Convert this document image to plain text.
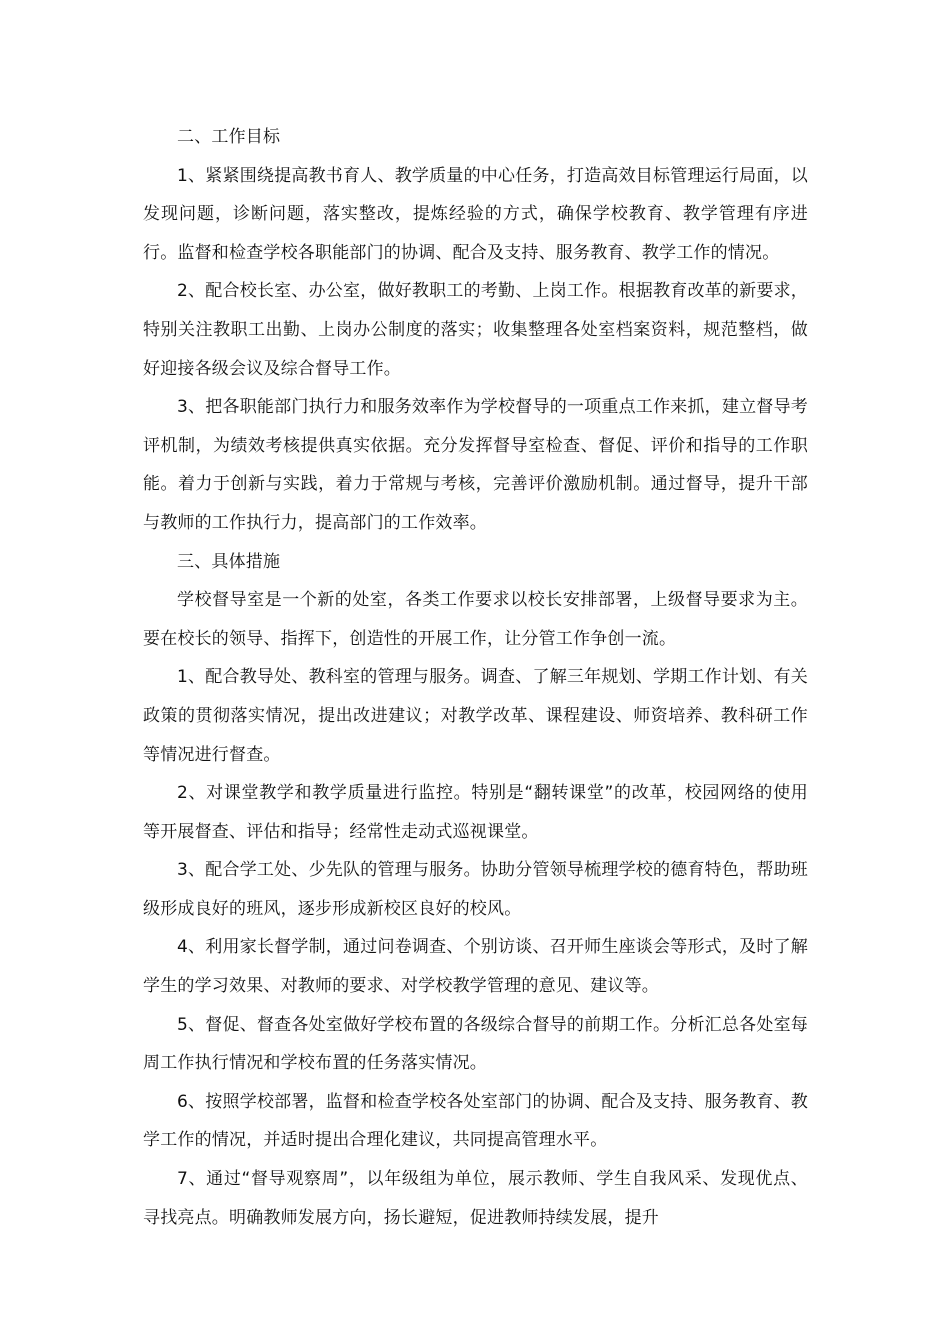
二、工作目标

1、紧紧围绕提高教书育人、教学质量的中心任务，打造高效目标管理运行局面，以发现问题，诊断问题，落实整改，提炼经验的方式，确保学校教育、教学管理有序进行。监督和检查学校各职能部门的协调、配合及支持、服务教育、教学工作的情况。

2、配合校长室、办公室，做好教职工的考勤、上岗工作。根据教育改革的新要求，特别关注教职工出勤、上岗办公制度的落实；收集整理各处室档案资料，规范整档，做好迎接各级会议及综合督导工作。

3、把各职能部门执行力和服务效率作为学校督导的一项重点工作来抓，建立督导考评机制，为绩效考核提供真实依据。充分发挥督导室检查、督促、评价和指导的工作职能。着力于创新与实践，着力于常规与考核，完善评价激励机制。通过督导，提升干部与教师的工作执行力，提高部门的工作效率。

三、具体措施

学校督导室是一个新的处室，各类工作要求以校长安排部署，上级督导要求为主。要在校长的领导、指挥下，创造性的开展工作，让分管工作争创一流。

1、配合教导处、教科室的管理与服务。调查、了解三年规划、学期工作计划、有关政策的贯彻落实情况，提出改进建议；对教学改革、课程建设、师资培养、教科研工作等情况进行督查。

2、对课堂教学和教学质量进行监控。特别是“翻转课堂”的改革，校园网络的使用等开展督查、评估和指导；经常性走动式巡视课堂。

3、配合学工处、少先队的管理与服务。协助分管领导梳理学校的德育特色，帮助班级形成良好的班风，逐步形成新校区良好的校风。

4、利用家长督学制，通过问卷调查、个别访谈、召开师生座谈会等形式，及时了解学生的学习效果、对教师的要求、对学校教学管理的意见、建议等。

5、督促、督查各处室做好学校布置的各级综合督导的前期工作。分析汇总各处室每周工作执行情况和学校布置的任务落实情况。

6、按照学校部署，监督和检查学校各处室部门的协调、配合及支持、服务教育、教学工作的情况，并适时提出合理化建议，共同提高管理水平。

7、通过“督导观察周”，以年级组为单位，展示教师、学生自我风采、发现优点、寻找亮点。明确教师发展方向，扬长避短，促进教师持续发展，提升
